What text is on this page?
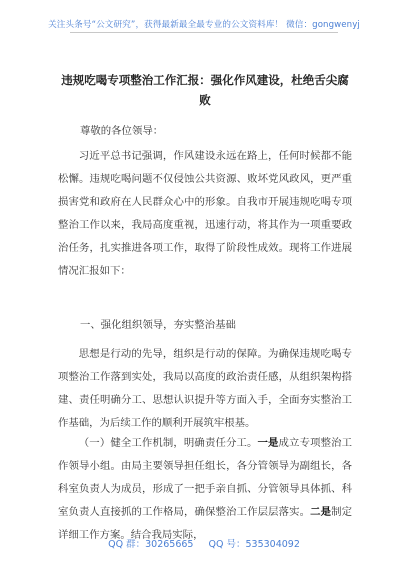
关注头条号“公文研究”，获得最新最全最专业的公文资料库！ 微信：gongwenyj
违规吃喝专项整治工作汇报：强化作风建设，杜绝舌尖腐败
尊敬的各位领导：
习近平总书记强调，作风建设永远在路上，任何时候都不能松懈。违规吃喝问题不仅侵蚀公共资源、败坏党风政风，更严重损害党和政府在人民群众心中的形象。自我市开展违规吃喝专项整治工作以来，我局高度重视，迅速行动，将其作为一项重要政治任务，扎实推进各项工作，取得了阶段性成效。现将工作进展情况汇报如下：
一、强化组织领导，夯实整治基础
思想是行动的先导，组织是行动的保障。为确保违规吃喝专项整治工作落到实处，我局以高度的政治责任感，从组织架构搭建、责任明确分工、思想认识提升等方面入手，全面夯实整治工作基础，为后续工作的顺利开展筑牢根基。
（一）健全工作机制，明确责任分工。一是成立专项整治工作领导小组。由局主要领导担任组长，各分管领导为副组长，各科室负责人为成员，形成了一把手亲自抓、分管领导具体抓、科室负责人直接抓的工作格局，确保整治工作层层落实。二是制定详细工作方案。结合我局实际，
QQ 群：30265665 QQ 号：535304092
